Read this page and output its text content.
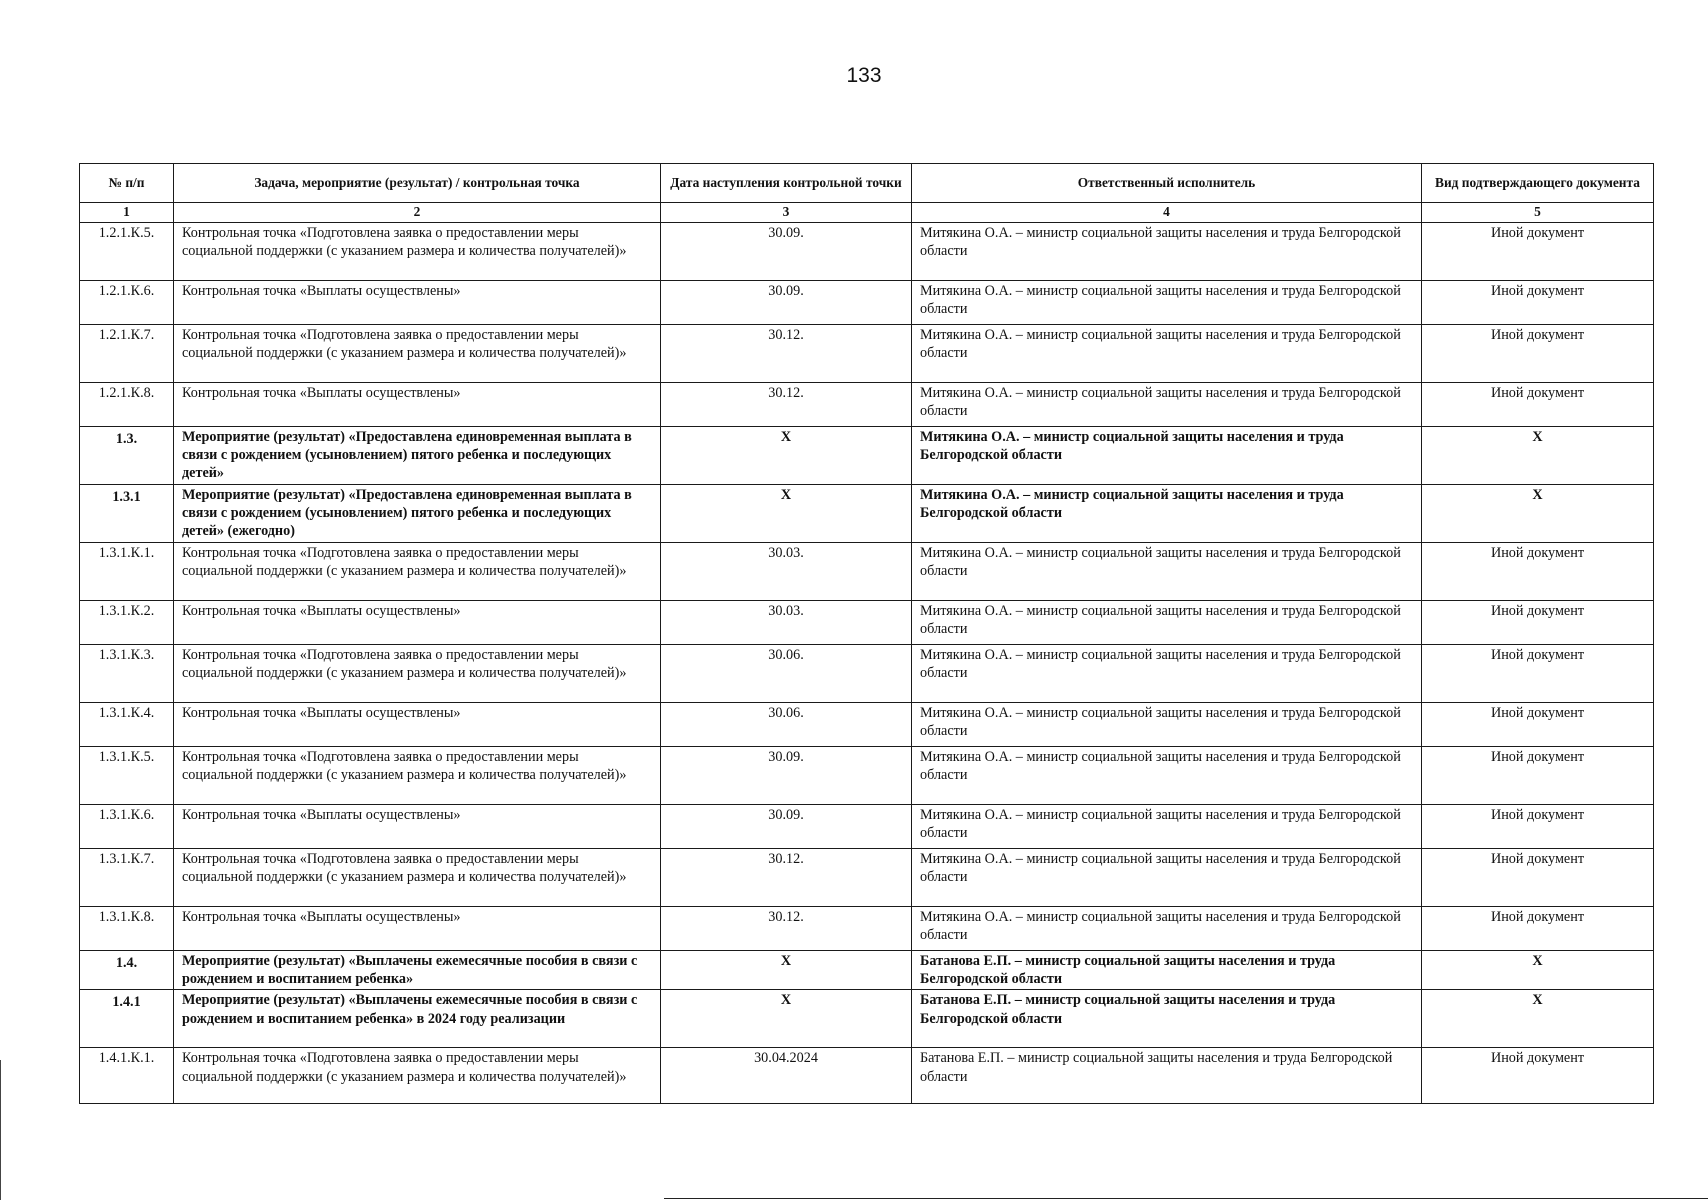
133
№ п/п	Задача, мероприятие (результат) / контрольная точка	Дата наступления контрольной точки	Ответственный исполнитель	Вид подтверждающего документа
1	2	3	4	5
1.2.1.К.5.	Контрольная точка «Подготовлена заявка о предоставлении меры социальной поддержки (с указанием размера и количества получателей)»	30.09.	Митякина О.А. – министр социальной защиты населения и труда Белгородской области	Иной документ
1.2.1.К.6.	Контрольная точка «Выплаты осуществлены»	30.09.	Митякина О.А. – министр социальной защиты населения и труда Белгородской области	Иной документ
1.2.1.К.7.	Контрольная точка «Подготовлена заявка о предоставлении меры социальной поддержки (с указанием размера и количества получателей)»	30.12.	Митякина О.А. – министр социальной защиты населения и труда Белгородской области	Иной документ
1.2.1.К.8.	Контрольная точка «Выплаты осуществлены»	30.12.	Митякина О.А. – министр социальной защиты населения и труда Белгородской области	Иной документ
1.3.	Мероприятие (результат) «Предоставлена единовременная выплата в связи с рождением (усыновлением) пятого ребенка и последующих детей»	X	Митякина О.А. – министр социальной защиты населения и труда Белгородской области	X
1.3.1	Мероприятие (результат) «Предоставлена единовременная выплата в связи с рождением (усыновлением) пятого ребенка и последующих детей» (ежегодно)	X	Митякина О.А. – министр социальной защиты населения и труда Белгородской области	X
1.3.1.К.1.	Контрольная точка «Подготовлена заявка о предоставлении меры социальной поддержки (с указанием размера и количества получателей)»	30.03.	Митякина О.А. – министр социальной защиты населения и труда Белгородской области	Иной документ
1.3.1.К.2.	Контрольная точка «Выплаты осуществлены»	30.03.	Митякина О.А. – министр социальной защиты населения и труда Белгородской области	Иной документ
1.3.1.К.3.	Контрольная точка «Подготовлена заявка о предоставлении меры социальной поддержки (с указанием размера и количества получателей)»	30.06.	Митякина О.А. – министр социальной защиты населения и труда Белгородской области	Иной документ
1.3.1.К.4.	Контрольная точка «Выплаты осуществлены»	30.06.	Митякина О.А. – министр социальной защиты населения и труда Белгородской области	Иной документ
1.3.1.К.5.	Контрольная точка «Подготовлена заявка о предоставлении меры социальной поддержки (с указанием размера и количества получателей)»	30.09.	Митякина О.А. – министр социальной защиты населения и труда Белгородской области	Иной документ
1.3.1.К.6.	Контрольная точка «Выплаты осуществлены»	30.09.	Митякина О.А. – министр социальной защиты населения и труда Белгородской области	Иной документ
1.3.1.К.7.	Контрольная точка «Подготовлена заявка о предоставлении меры социальной поддержки (с указанием размера и количества получателей)»	30.12.	Митякина О.А. – министр социальной защиты населения и труда Белгородской области	Иной документ
1.3.1.К.8.	Контрольная точка «Выплаты осуществлены»	30.12.	Митякина О.А. – министр социальной защиты населения и труда Белгородской области	Иной документ
1.4.	Мероприятие (результат) «Выплачены ежемесячные пособия в связи с рождением и воспитанием ребенка»	X	Батанова Е.П. – министр социальной защиты населения и труда Белгородской области	X
1.4.1	Мероприятие (результат) «Выплачены ежемесячные пособия в связи с рождением и воспитанием ребенка» в 2024 году реализации	X	Батанова Е.П. – министр социальной защиты населения и труда Белгородской области	X
1.4.1.К.1.	Контрольная точка «Подготовлена заявка о предоставлении меры социальной поддержки (с указанием размера и количества получателей)»	30.04.2024	Батанова Е.П. – министр социальной защиты населения и труда Белгородской области	Иной документ
